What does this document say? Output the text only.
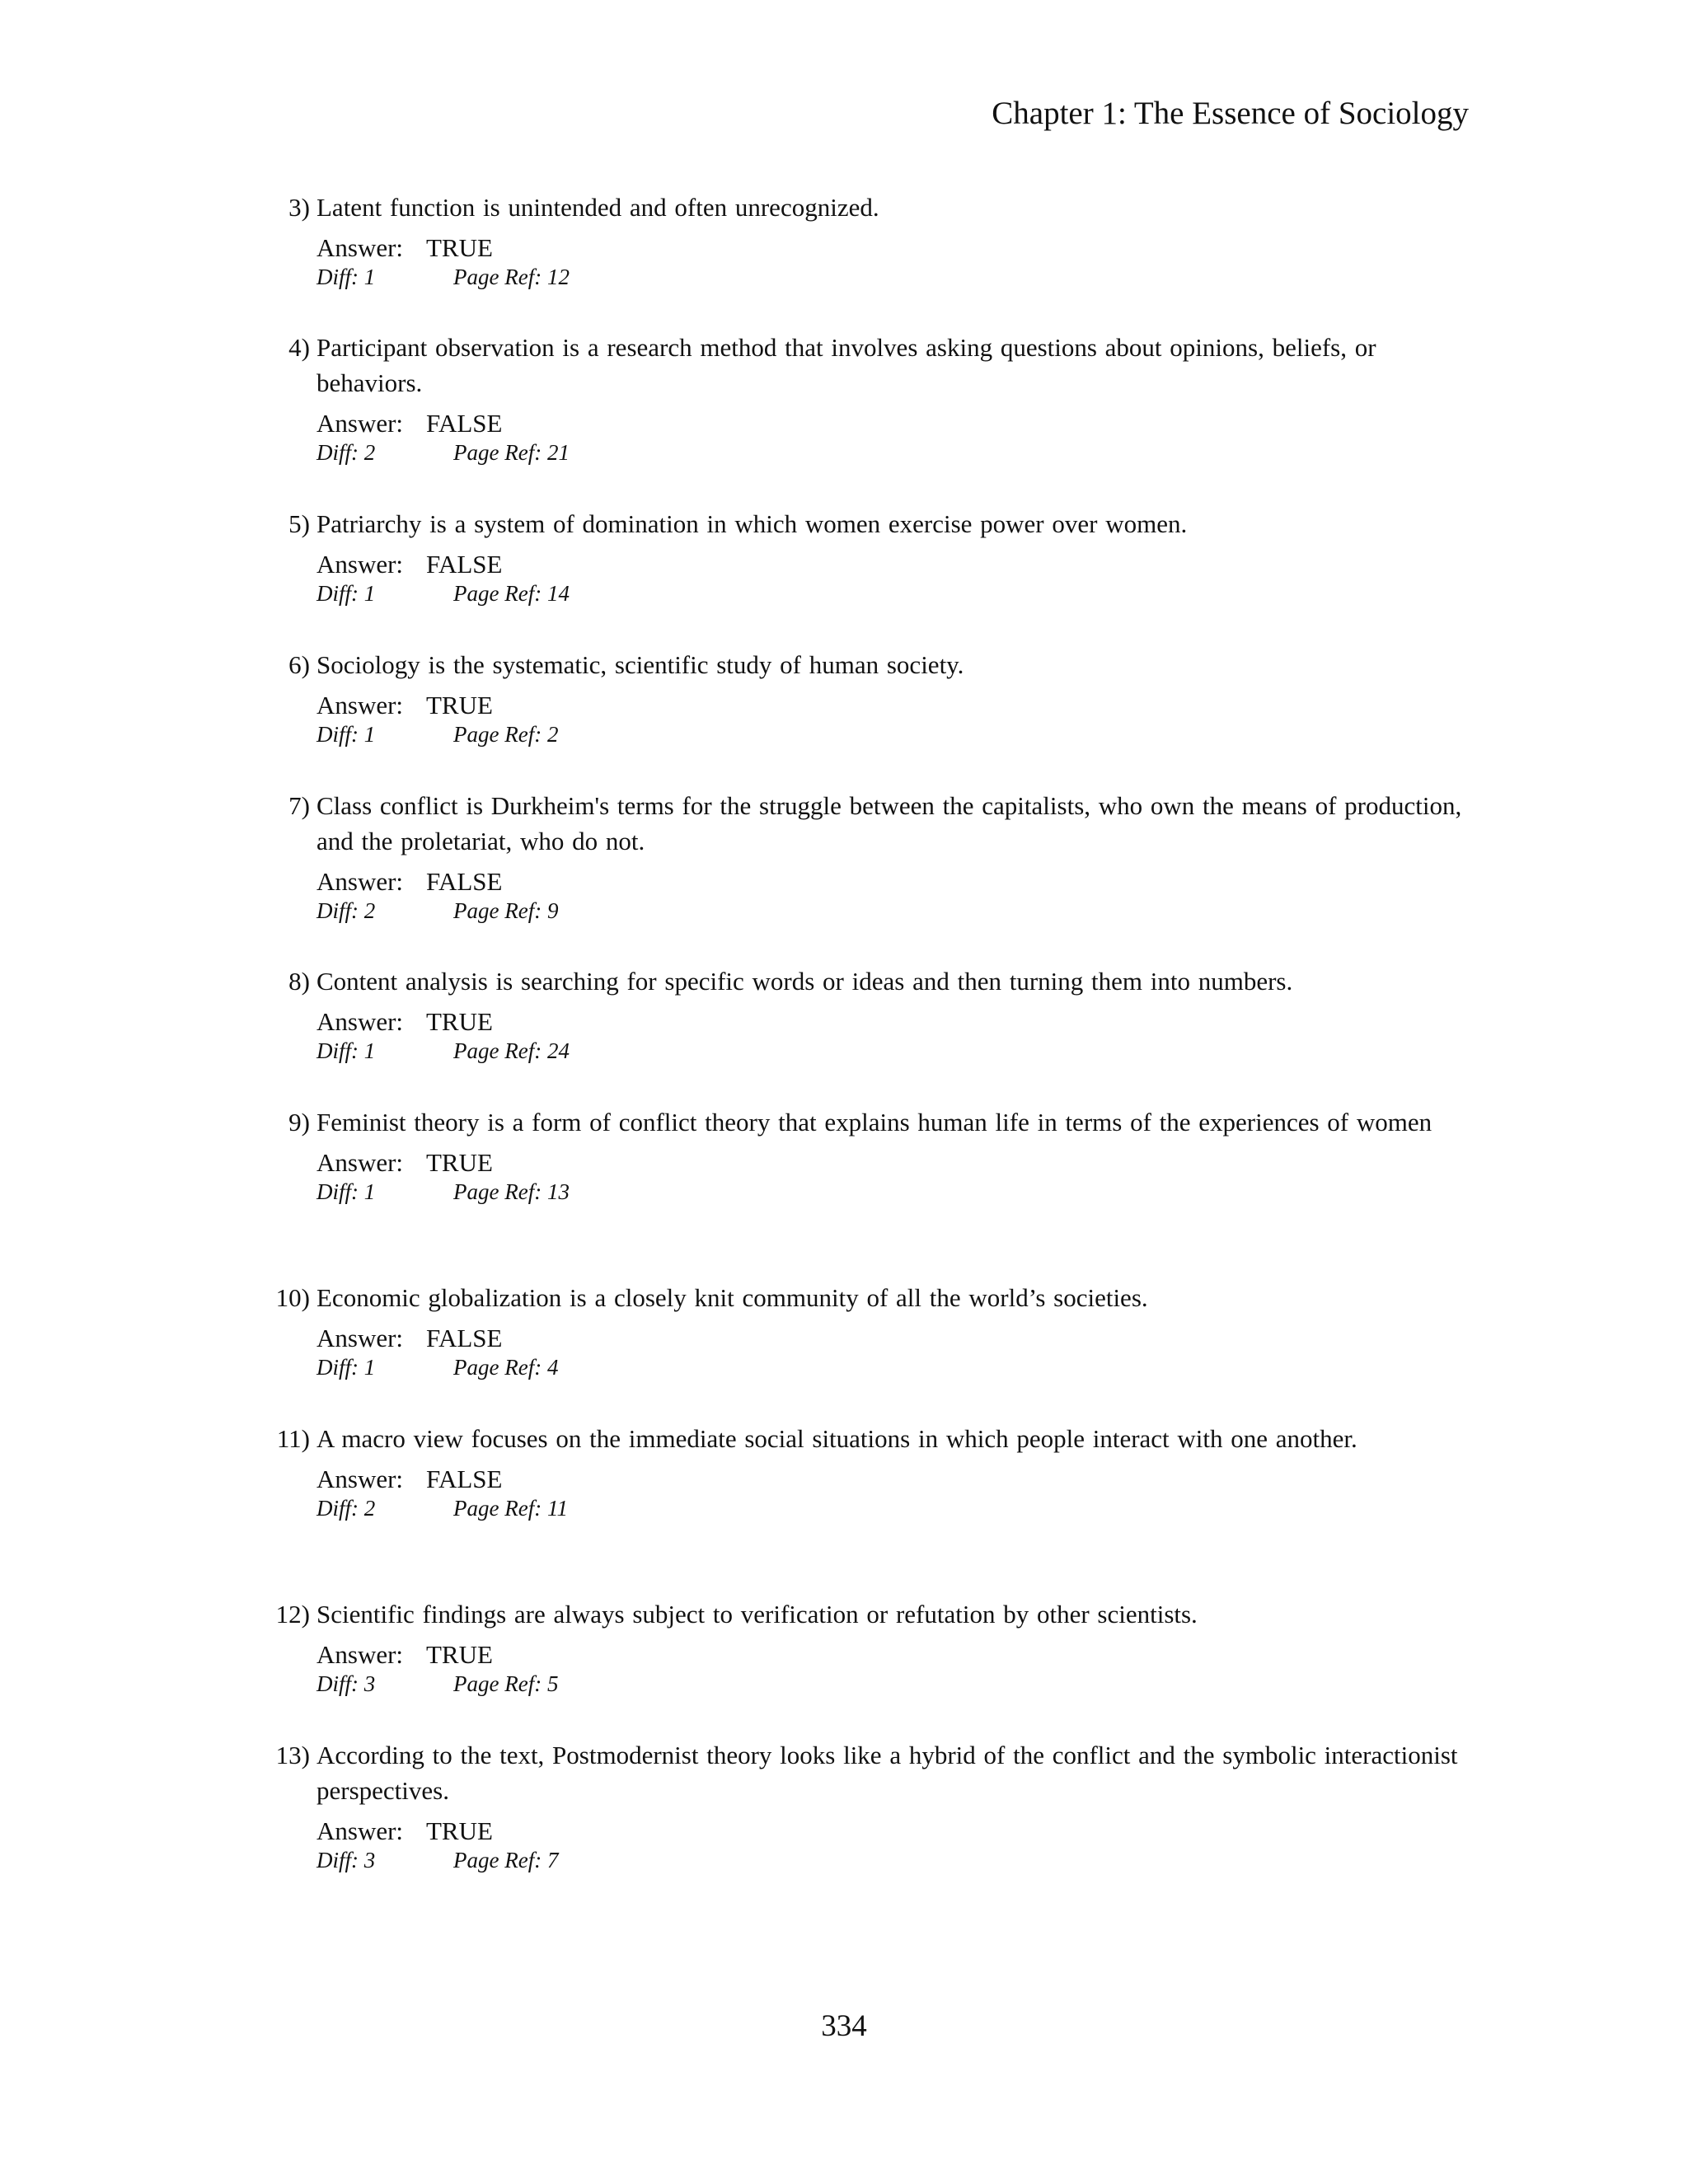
Chapter 1: The Essence of Sociology
3) Latent function is unintended and often unrecognized.
Answer: TRUE
Diff: 1	Page Ref: 12
4) Participant observation is a research method that involves asking questions about opinions, beliefs, or behaviors.
Answer: FALSE
Diff: 2	Page Ref: 21
5) Patriarchy is a system of domination in which women exercise power over women.
Answer: FALSE
Diff: 1	Page Ref: 14
6) Sociology is the systematic, scientific study of human society.
Answer: TRUE
Diff: 1	Page Ref: 2
7) Class conflict is Durkheim's terms for the struggle between the capitalists, who own the means of production, and the proletariat, who do not.
Answer: FALSE
Diff: 2	Page Ref: 9
8) Content analysis is searching for specific words or ideas and then turning them into numbers.
Answer: TRUE
Diff: 1	Page Ref: 24
9) Feminist theory is a form of conflict theory that explains human life in terms of the experiences of women
Answer: TRUE
Diff: 1	Page Ref: 13
10) Economic globalization is a closely knit community of all the world’s societies.
Answer: FALSE
Diff: 1	Page Ref: 4
11) A macro view focuses on the immediate social situations in which people interact with one another.
Answer: FALSE
Diff: 2	Page Ref: 11
12) Scientific findings are always subject to verification or refutation by other scientists.
Answer: TRUE
Diff: 3	Page Ref: 5
13) According to the text, Postmodernist theory looks like a hybrid of the conflict and the symbolic interactionist perspectives.
Answer: TRUE
Diff: 3	Page Ref: 7
334
